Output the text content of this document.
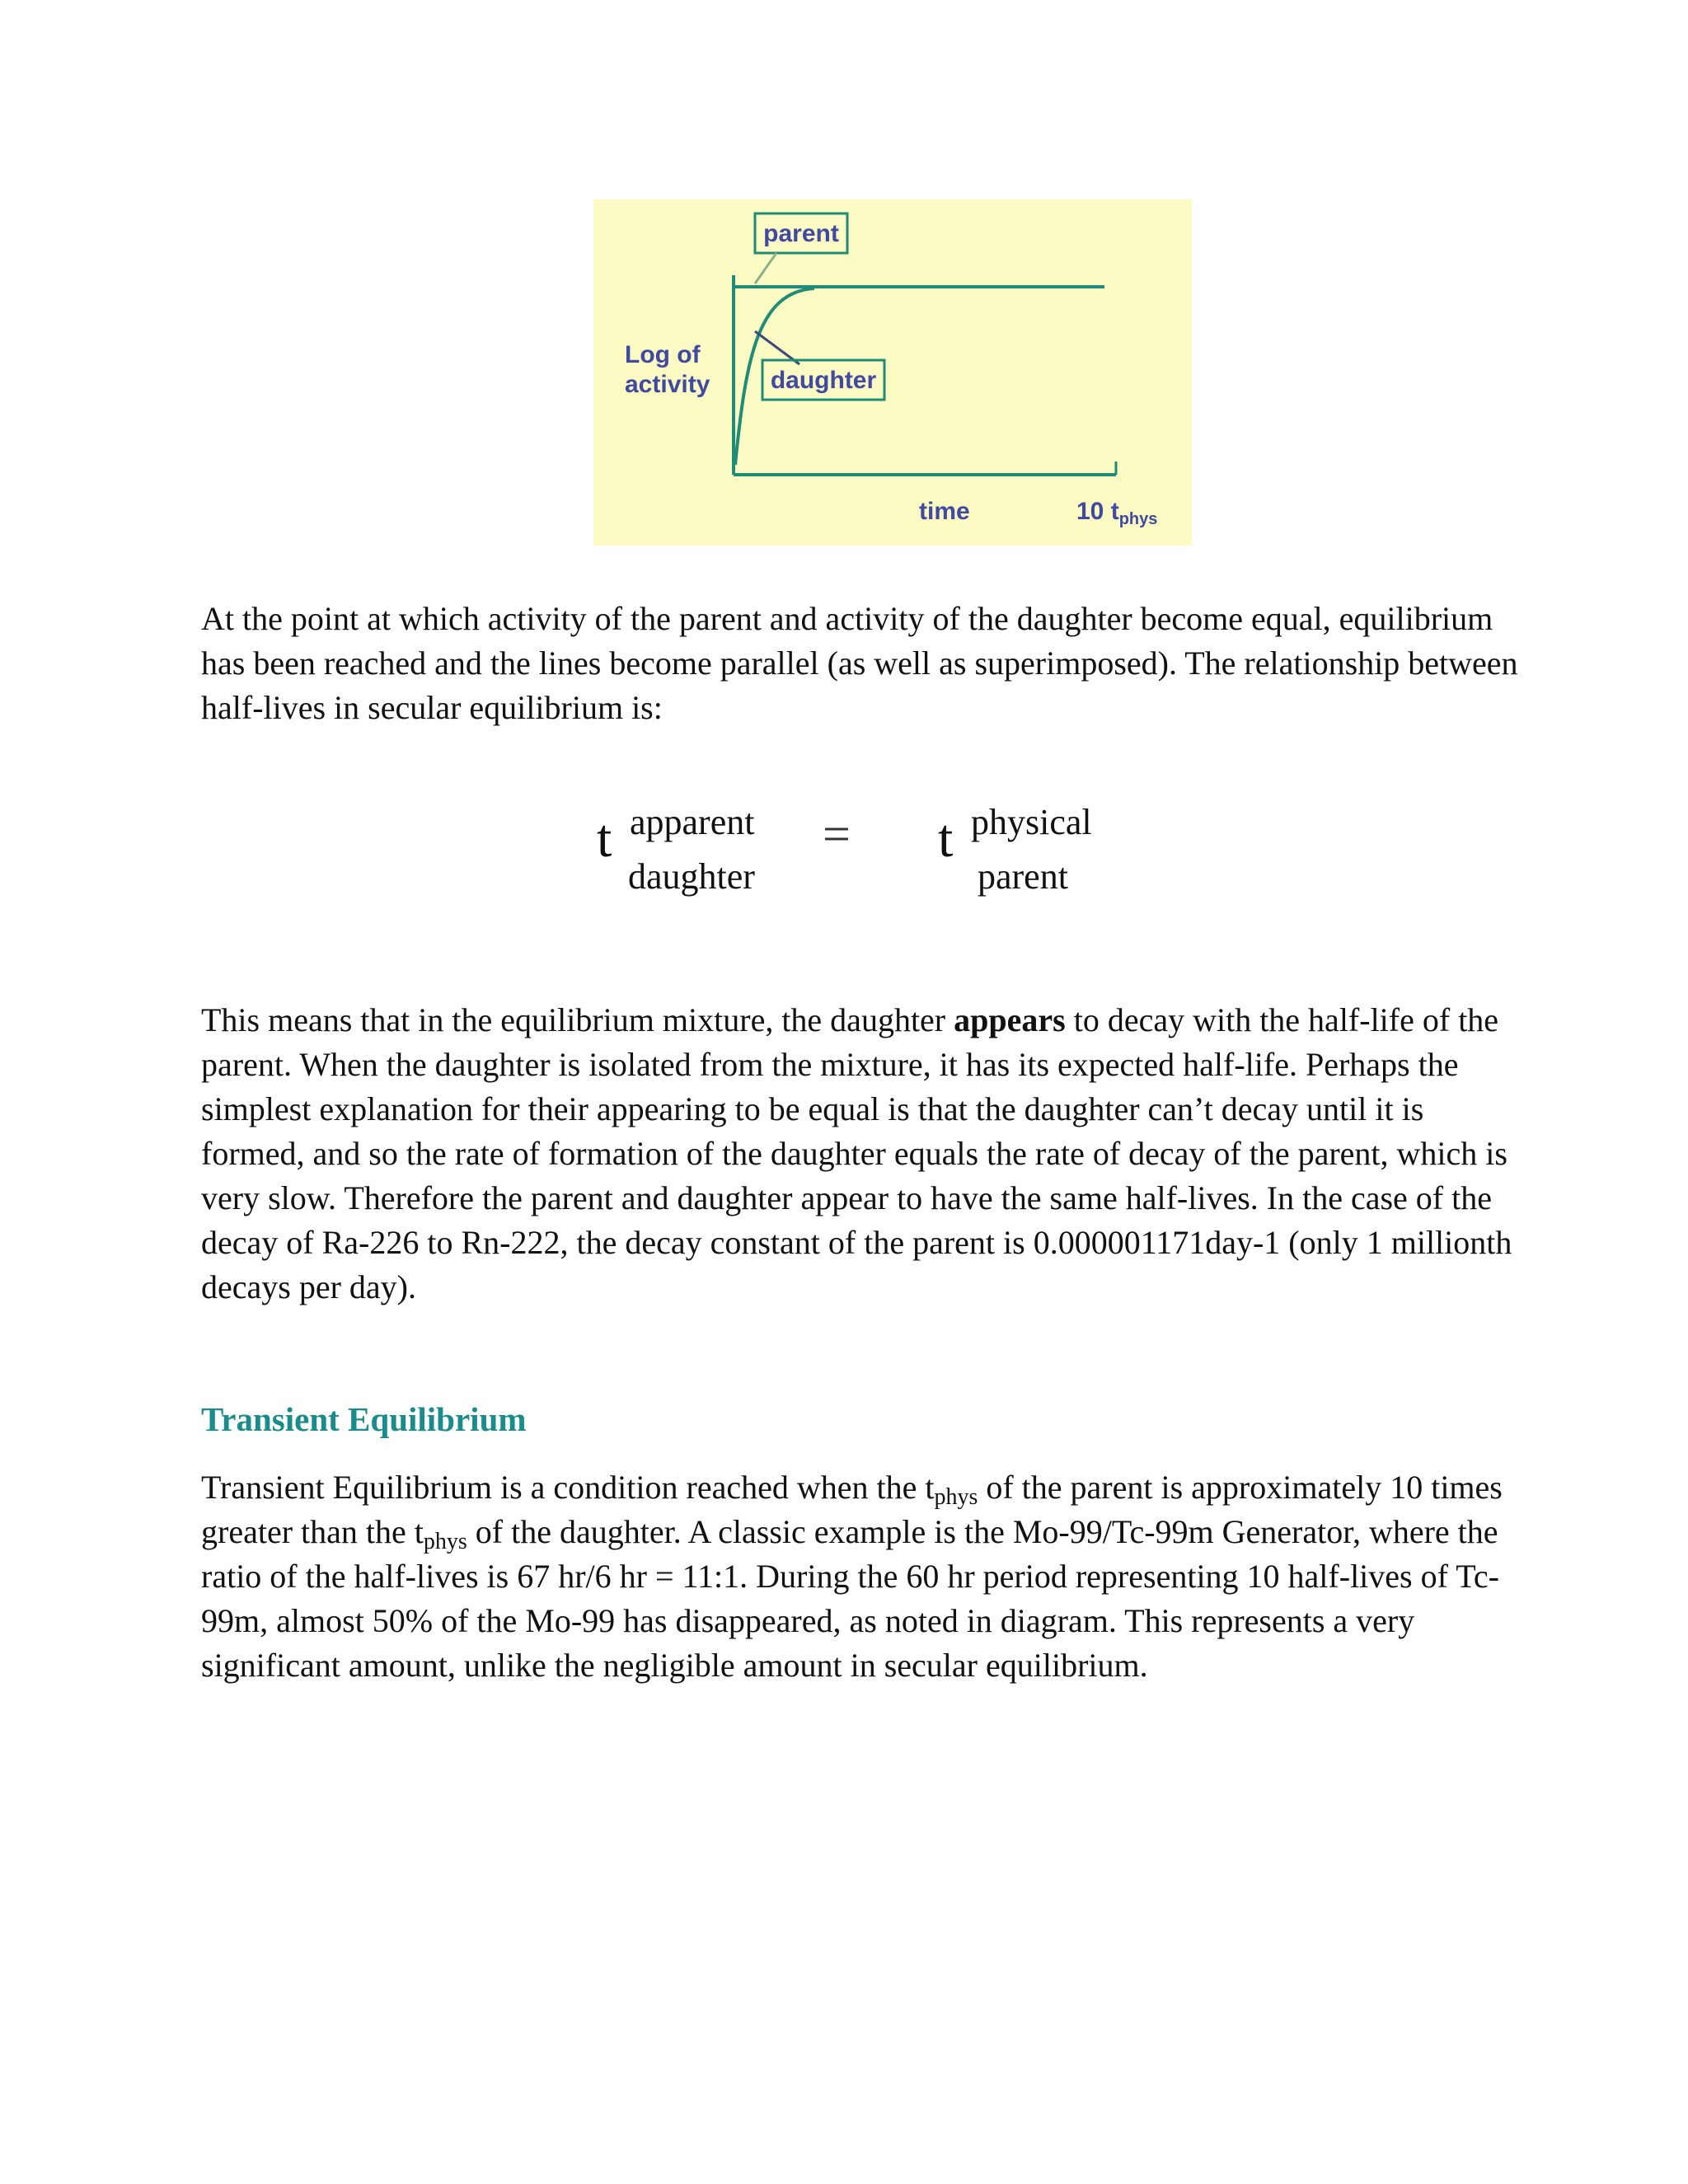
parent
daughter
Log of
activity
time	10 $t_{phys}$

At the point at which activity of the parent and activity of the daughter become equal, equilibrium has been reached and the lines become parallel (as well as superimposed). The relationship between half-lives in secular equilibrium is:

t apparent
daughter
= t physical
parent

This means that in the equilibrium mixture, the daughter appears to decay with the half-life of the parent. When the daughter is isolated from the mixture, it has its expected half-life. Perhaps the simplest explanation for their appearing to be equal is that the daughter can’t decay until it is formed, and so the rate of formation of the daughter equals the rate of decay of the parent, which is very slow. Therefore the parent and daughter appear to have the same half-lives. In the case of the decay of Ra-226 to Rn-222, the decay constant of the parent is 0.000001171day-1 (only 1 millionth decays per day).

Transient Equilibrium

Transient Equilibrium is a condition reached when the $t_{phys}$ of the parent is approximately 10 times greater than the $t_{phys}$ of the daughter. A classic example is the Mo-99/Tc-99m Generator, where the ratio of the half-lives is 67 hr/6 hr = 11:1. During the 60 hr period representing 10 half-lives of Tc-99m, almost 50% of the Mo-99 has disappeared, as noted in diagram. This represents a very significant amount, unlike the negligible amount in secular equilibrium.
